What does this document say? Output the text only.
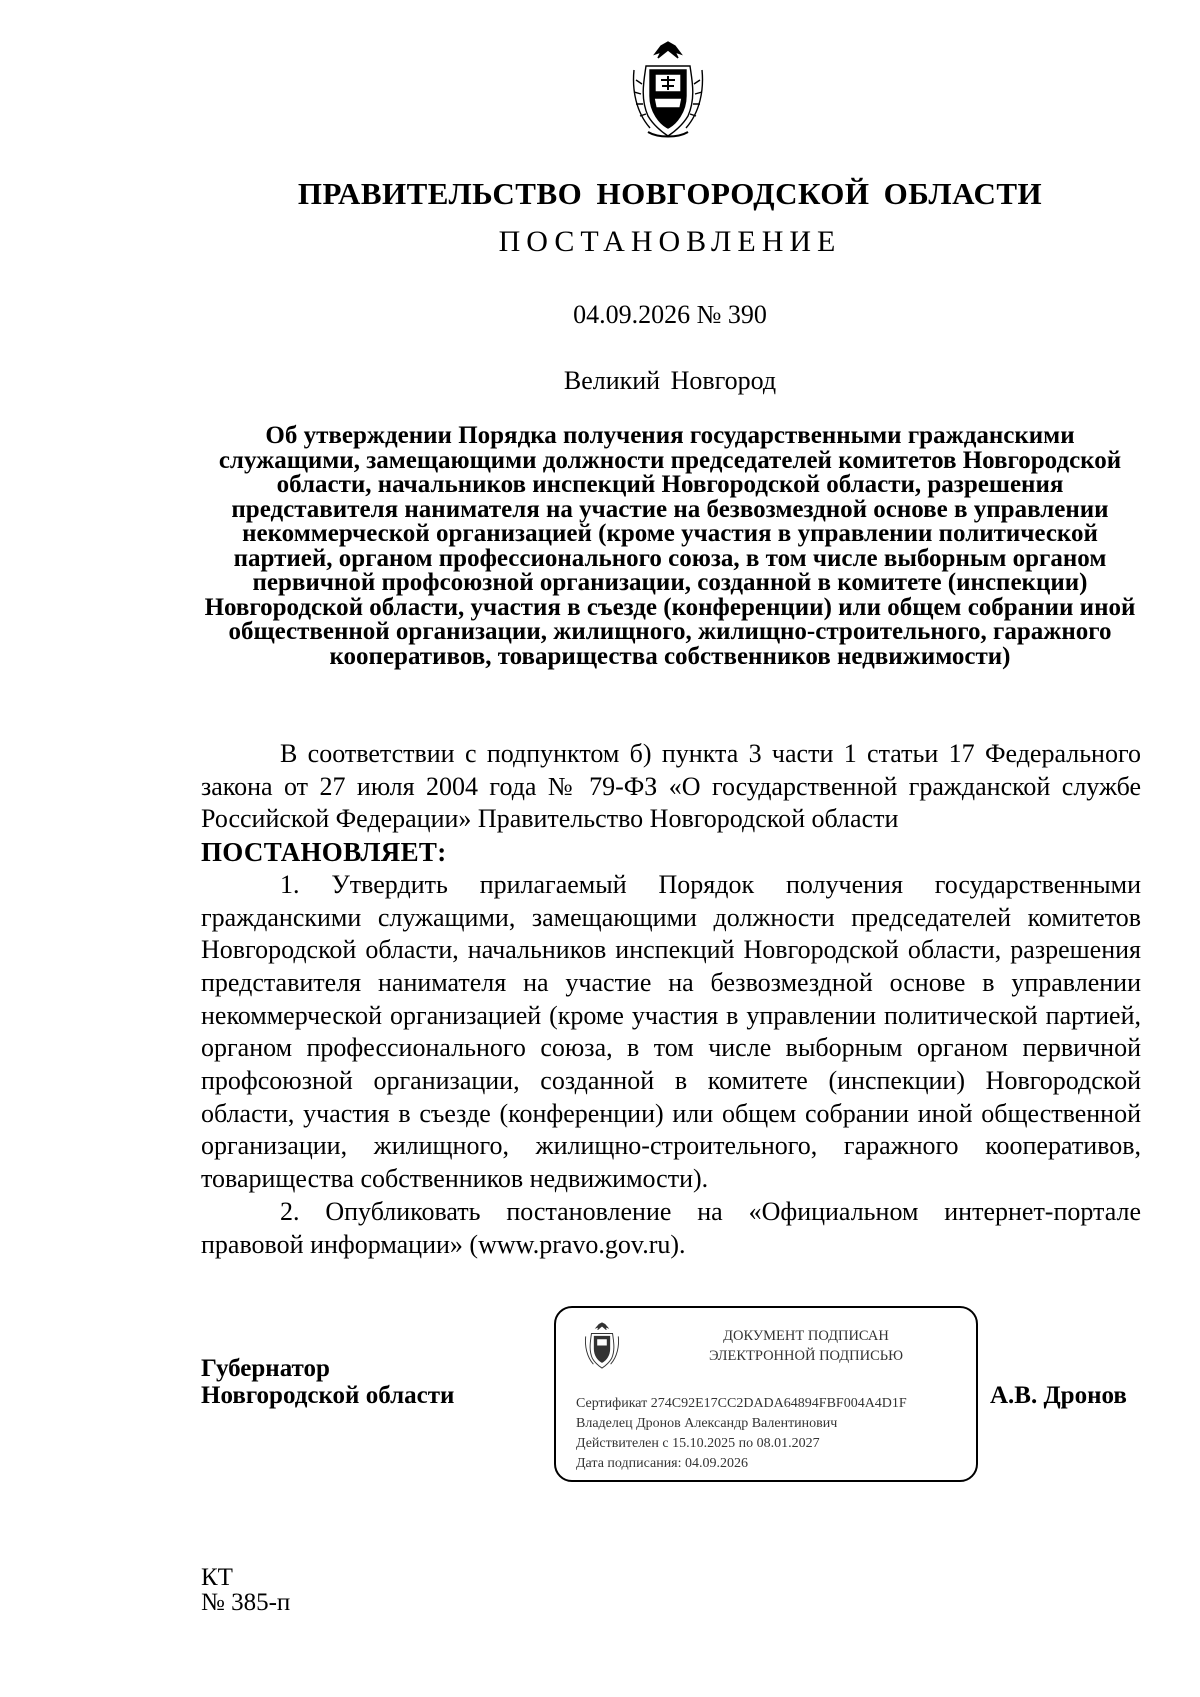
ПРАВИТЕЛЬСТВО НОВГОРОДСКОЙ ОБЛАСТИ
ПОСТАНОВЛЕНИЕ
04.09.2026 № 390
Великий Новгород
Об утверждении Порядка получения государственными гражданскими служащими, замещающими должности председателей комитетов Новгородской области, начальников инспекций Новгородской области, разрешения представителя нанимателя на участие на безвозмездной основе в управлении некоммерческой организацией (кроме участия в управлении политической партией, органом профессионального союза, в том числе выборным органом первичной профсоюзной организации, созданной в комитете (инспекции) Новгородской области, участия в съезде (конференции) или общем собрании иной общественной организации, жилищного, жилищно-строительного, гаражного кооперативов, товарищества собственников недвижимости)

В соответствии с подпунктом б) пункта 3 части 1 статьи 17 Федерального закона от 27 июля 2004 года № 79-ФЗ «О государственной гражданской службе Российской Федерации» Правительство Новгородской области

ПОСТАНОВЛЯЕТ:

1. Утвердить прилагаемый Порядок получения государственными гражданскими служащими, замещающими должности председателей комитетов Новгородской области, начальников инспекций Новгородской области, разрешения представителя нанимателя на участие на безвозмездной основе в управлении некоммерческой организацией (кроме участия в управлении политической партией, органом профессионального союза, в том числе выборным органом первичной профсоюзной организации, созданной в комитете (инспекции) Новгородской области, участия в съезде (конференции) или общем собрании иной общественной организации, жилищного, жилищно-строительного, гаражного кооперативов, товарищества собственников недвижимости).

2. Опубликовать постановление на «Официальном интернет-портале правовой информации» (www.pravo.gov.ru).

Губернатор
Новгородской области
ДОКУМЕНТ ПОДПИСАН
ЭЛЕКТРОННОЙ ПОДПИСЬЮ
Сертификат 274C92E17CC2DADA64894FBF004A4D1F
Владелец Дронов Александр Валентинович
Действителен с 15.10.2025 по 08.01.2027
Дата подписания: 04.09.2026
А.В. Дронов
КТ
№ 385-п
